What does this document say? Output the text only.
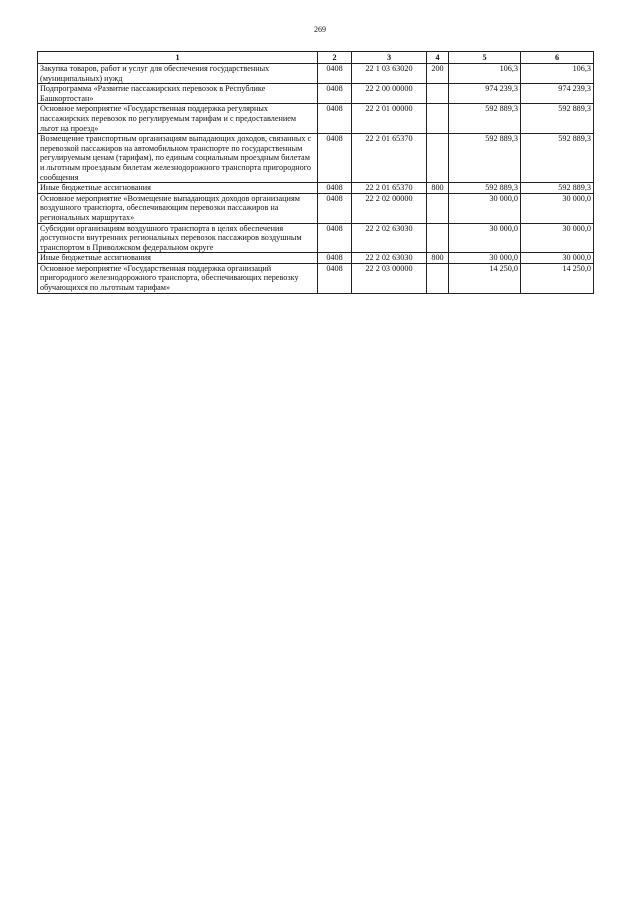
269
1	2	3	4	5	6
Закупка товаров, работ и услуг для обеспечения государственных (муниципальных) нужд	0408	22 1 03 63020	200	106,3	106,3
Подпрограмма «Развитие пассажирских перевозок в Республике Башкортостан»	0408	22 2 00 00000		974 239,3	974 239,3
Основное мероприятие «Государственная поддержка регулярных пассажирских перевозок по регулируемым тарифам и с предоставлением льгот на проезд»	0408	22 2 01 00000		592 889,3	592 889,3
Возмещение транспортным организациям выпадающих доходов, связанных с перевозкой пассажиров на автомобильном транспорте по государственным регулируемым ценам (тарифам), по единым социальным проездным билетам и льготным проездным билетам железнодорожного транспорта пригородного сообщения	0408	22 2 01 65370		592 889,3	592 889,3
Иные бюджетные ассигнования	0408	22 2 01 65370	800	592 889,3	592 889,3
Основное мероприятие «Возмещение выпадающих доходов организациям воздушного транспорта, обеспечивающим перевозки пассажиров на региональных маршрутах»	0408	22 2 02 00000		30 000,0	30 000,0
Субсидии организациям воздушного транспорта в целях обеспечения доступности внутренних региональных перевозок пассажиров воздушным транспортом в Приволжском федеральном округе	0408	22 2 02 63030		30 000,0	30 000,0
Иные бюджетные ассигнования	0408	22 2 02 63030	800	30 000,0	30 000,0
Основное мероприятие «Государственная поддержка организаций пригородного железнодорожного транспорта, обеспечивающих перевозку обучающихся по льготным тарифам»	0408	22 2 03 00000		14 250,0	14 250,0
